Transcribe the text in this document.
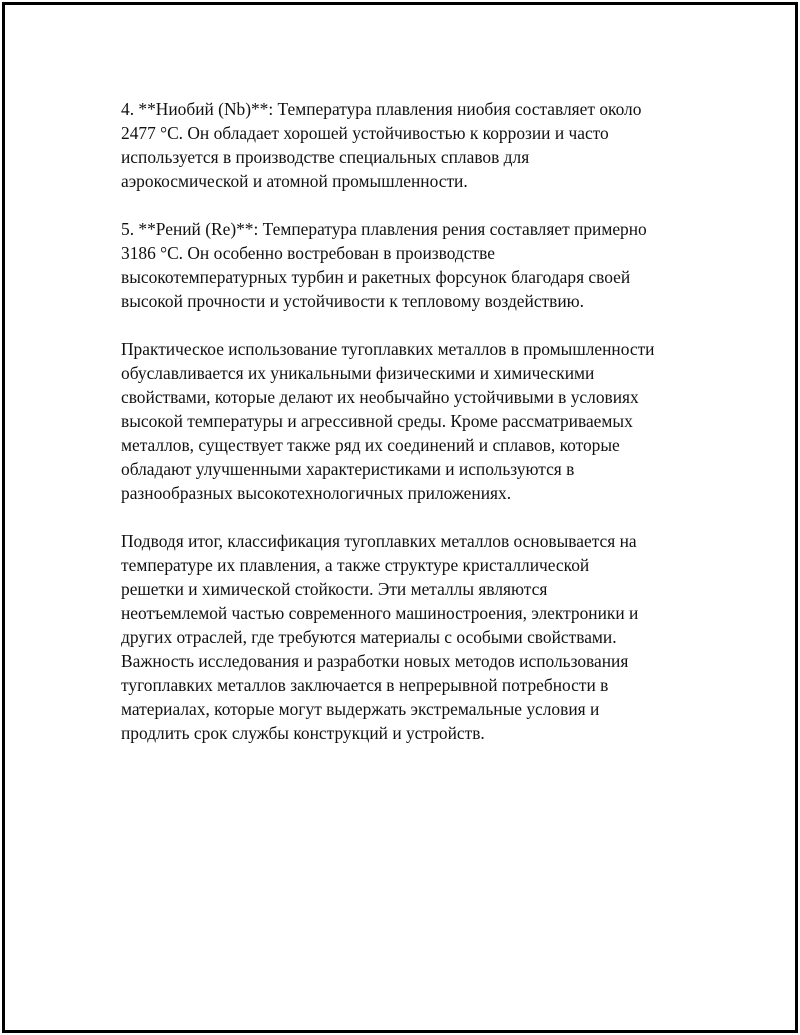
4. **Ниобий (Nb)**: Температура плавления ниобия составляет около
2477 °C. Он обладает хорошей устойчивостью к коррозии и часто
используется в производстве специальных сплавов для
аэрокосмической и атомной промышленности.

5. **Рений (Re)**: Температура плавления рения составляет примерно
3186 °C. Он особенно востребован в производстве
высокотемпературных турбин и ракетных форсунок благодаря своей
высокой прочности и устойчивости к тепловому воздействию.

Практическое использование тугоплавких металлов в промышленности
обуславливается их уникальными физическими и химическими
свойствами, которые делают их необычайно устойчивыми в условиях
высокой температуры и агрессивной среды. Кроме рассматриваемых
металлов, существует также ряд их соединений и сплавов, которые
обладают улучшенными характеристиками и используются в
разнообразных высокотехнологичных приложениях.

Подводя итог, классификация тугоплавких металлов основывается на
температуре их плавления, а также структуре кристаллической
решетки и химической стойкости. Эти металлы являются
неотъемлемой частью современного машиностроения, электроники и
других отраслей, где требуются материалы с особыми свойствами.
Важность исследования и разработки новых методов использования
тугоплавких металлов заключается в непрерывной потребности в
материалах, которые могут выдержать экстремальные условия и
продлить срок службы конструкций и устройств.
